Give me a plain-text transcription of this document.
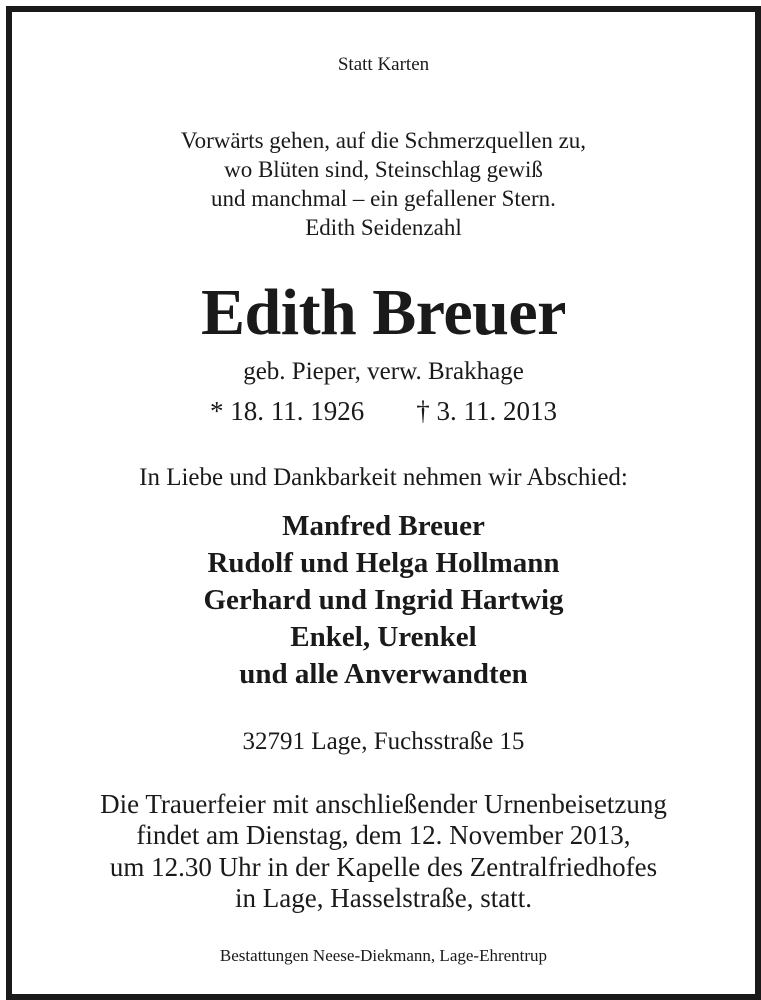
Statt Karten
Vorwärts gehen, auf die Schmerzquellen zu,
wo Blüten sind, Steinschlag gewiß
und manchmal – ein gefallener Stern.
Edith Seidenzahl
Edith Breuer
geb. Pieper, verw. Brakhage
* 18. 11. 1926 † 3. 11. 2013
In Liebe und Dankbarkeit nehmen wir Abschied:
Manfred Breuer
Rudolf und Helga Hollmann
Gerhard und Ingrid Hartwig
Enkel, Urenkel
und alle Anverwandten
32791 Lage, Fuchsstraße 15
Die Trauerfeier mit anschließender Urnenbeisetzung
findet am Dienstag, dem 12. November 2013,
um 12.30 Uhr in der Kapelle des Zentralfriedhofes
in Lage, Hasselstraße, statt.
Bestattungen Neese-Diekmann, Lage-Ehrentrup
